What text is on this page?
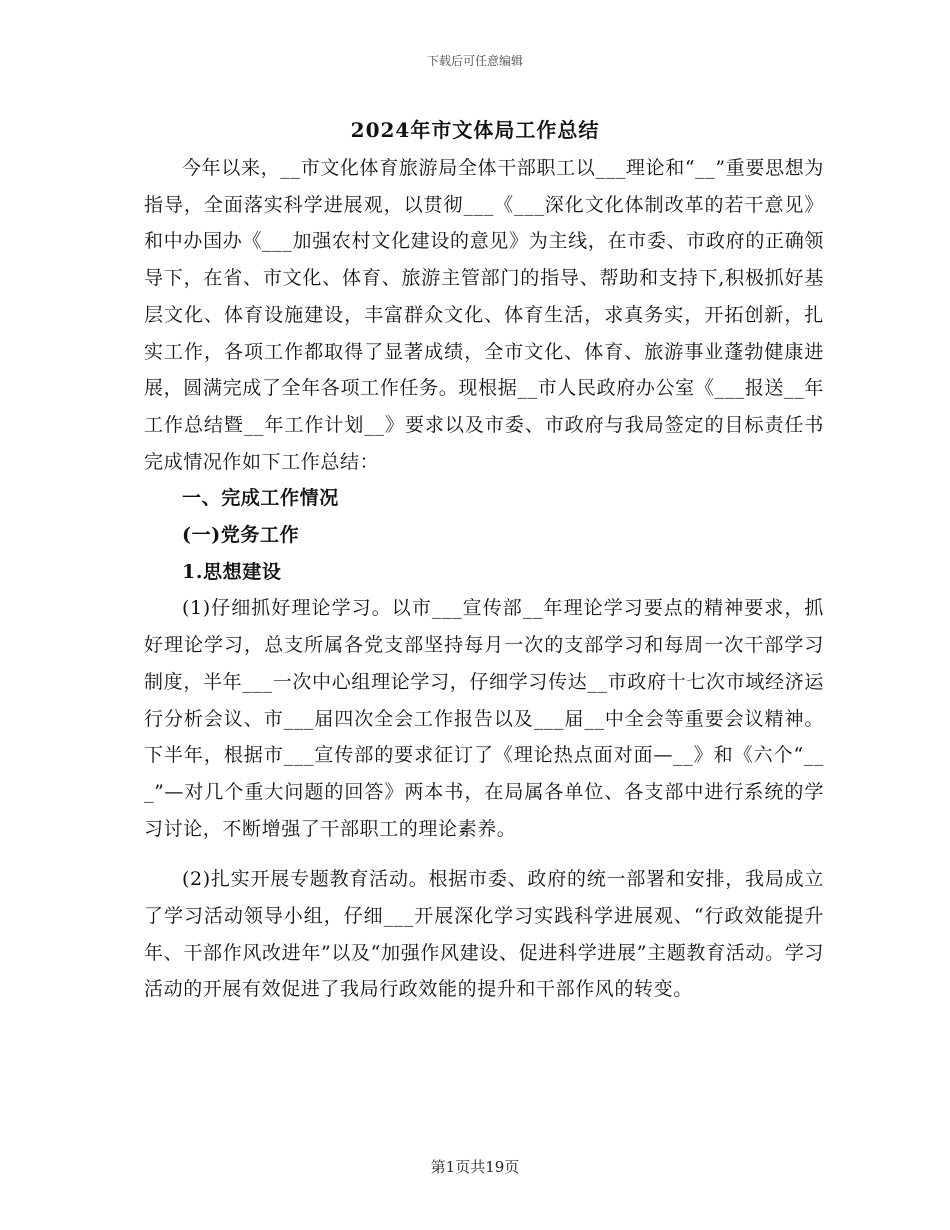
下载后可任意编辑
2024年市文体局工作总结

今年以来，__市文化体育旅游局全体干部职工以___理论和“__”重要思想为指导，全面落实科学进展观，以贯彻___《___深化文化体制改革的若干意见》和中办国办《___加强农村文化建设的意见》为主线，在市委、市政府的正确领导下，在省、市文化、体育、旅游主管部门的指导、帮助和支持下,积极抓好基层文化、体育设施建设，丰富群众文化、体育生活，求真务实，开拓创新，扎实工作，各项工作都取得了显著成绩，全市文化、体育、旅游事业蓬勃健康进展，圆满完成了全年各项工作任务。现根据__市人民政府办公室《___报送__年工作总结暨__年工作计划__》要求以及市委、市政府与我局签定的目标责任书完成情况作如下工作总结：

一、完成工作情况

(一)党务工作

1.思想建设

(1)仔细抓好理论学习。以市___宣传部__年理论学习要点的精神要求，抓好理论学习，总支所属各党支部坚持每月一次的支部学习和每周一次干部学习制度，半年___一次中心组理论学习，仔细学习传达__市政府十七次市域经济运行分析会议、市___届四次全会工作报告以及___届__中全会等重要会议精神。下半年，根据市___宣传部的要求征订了《理论热点面对面—__》和《六个“___”—对几个重大问题的回答》两本书，在局属各单位、各支部中进行系统的学习讨论，不断增强了干部职工的理论素养。

(2)扎实开展专题教育活动。根据市委、政府的统一部署和安排，我局成立了学习活动领导小组，仔细___开展深化学习实践科学进展观、“行政效能提升年、干部作风改进年”以及“加强作风建设、促进科学进展”主题教育活动。学习活动的开展有效促进了我局行政效能的提升和干部作风的转变。

第1页共19页
